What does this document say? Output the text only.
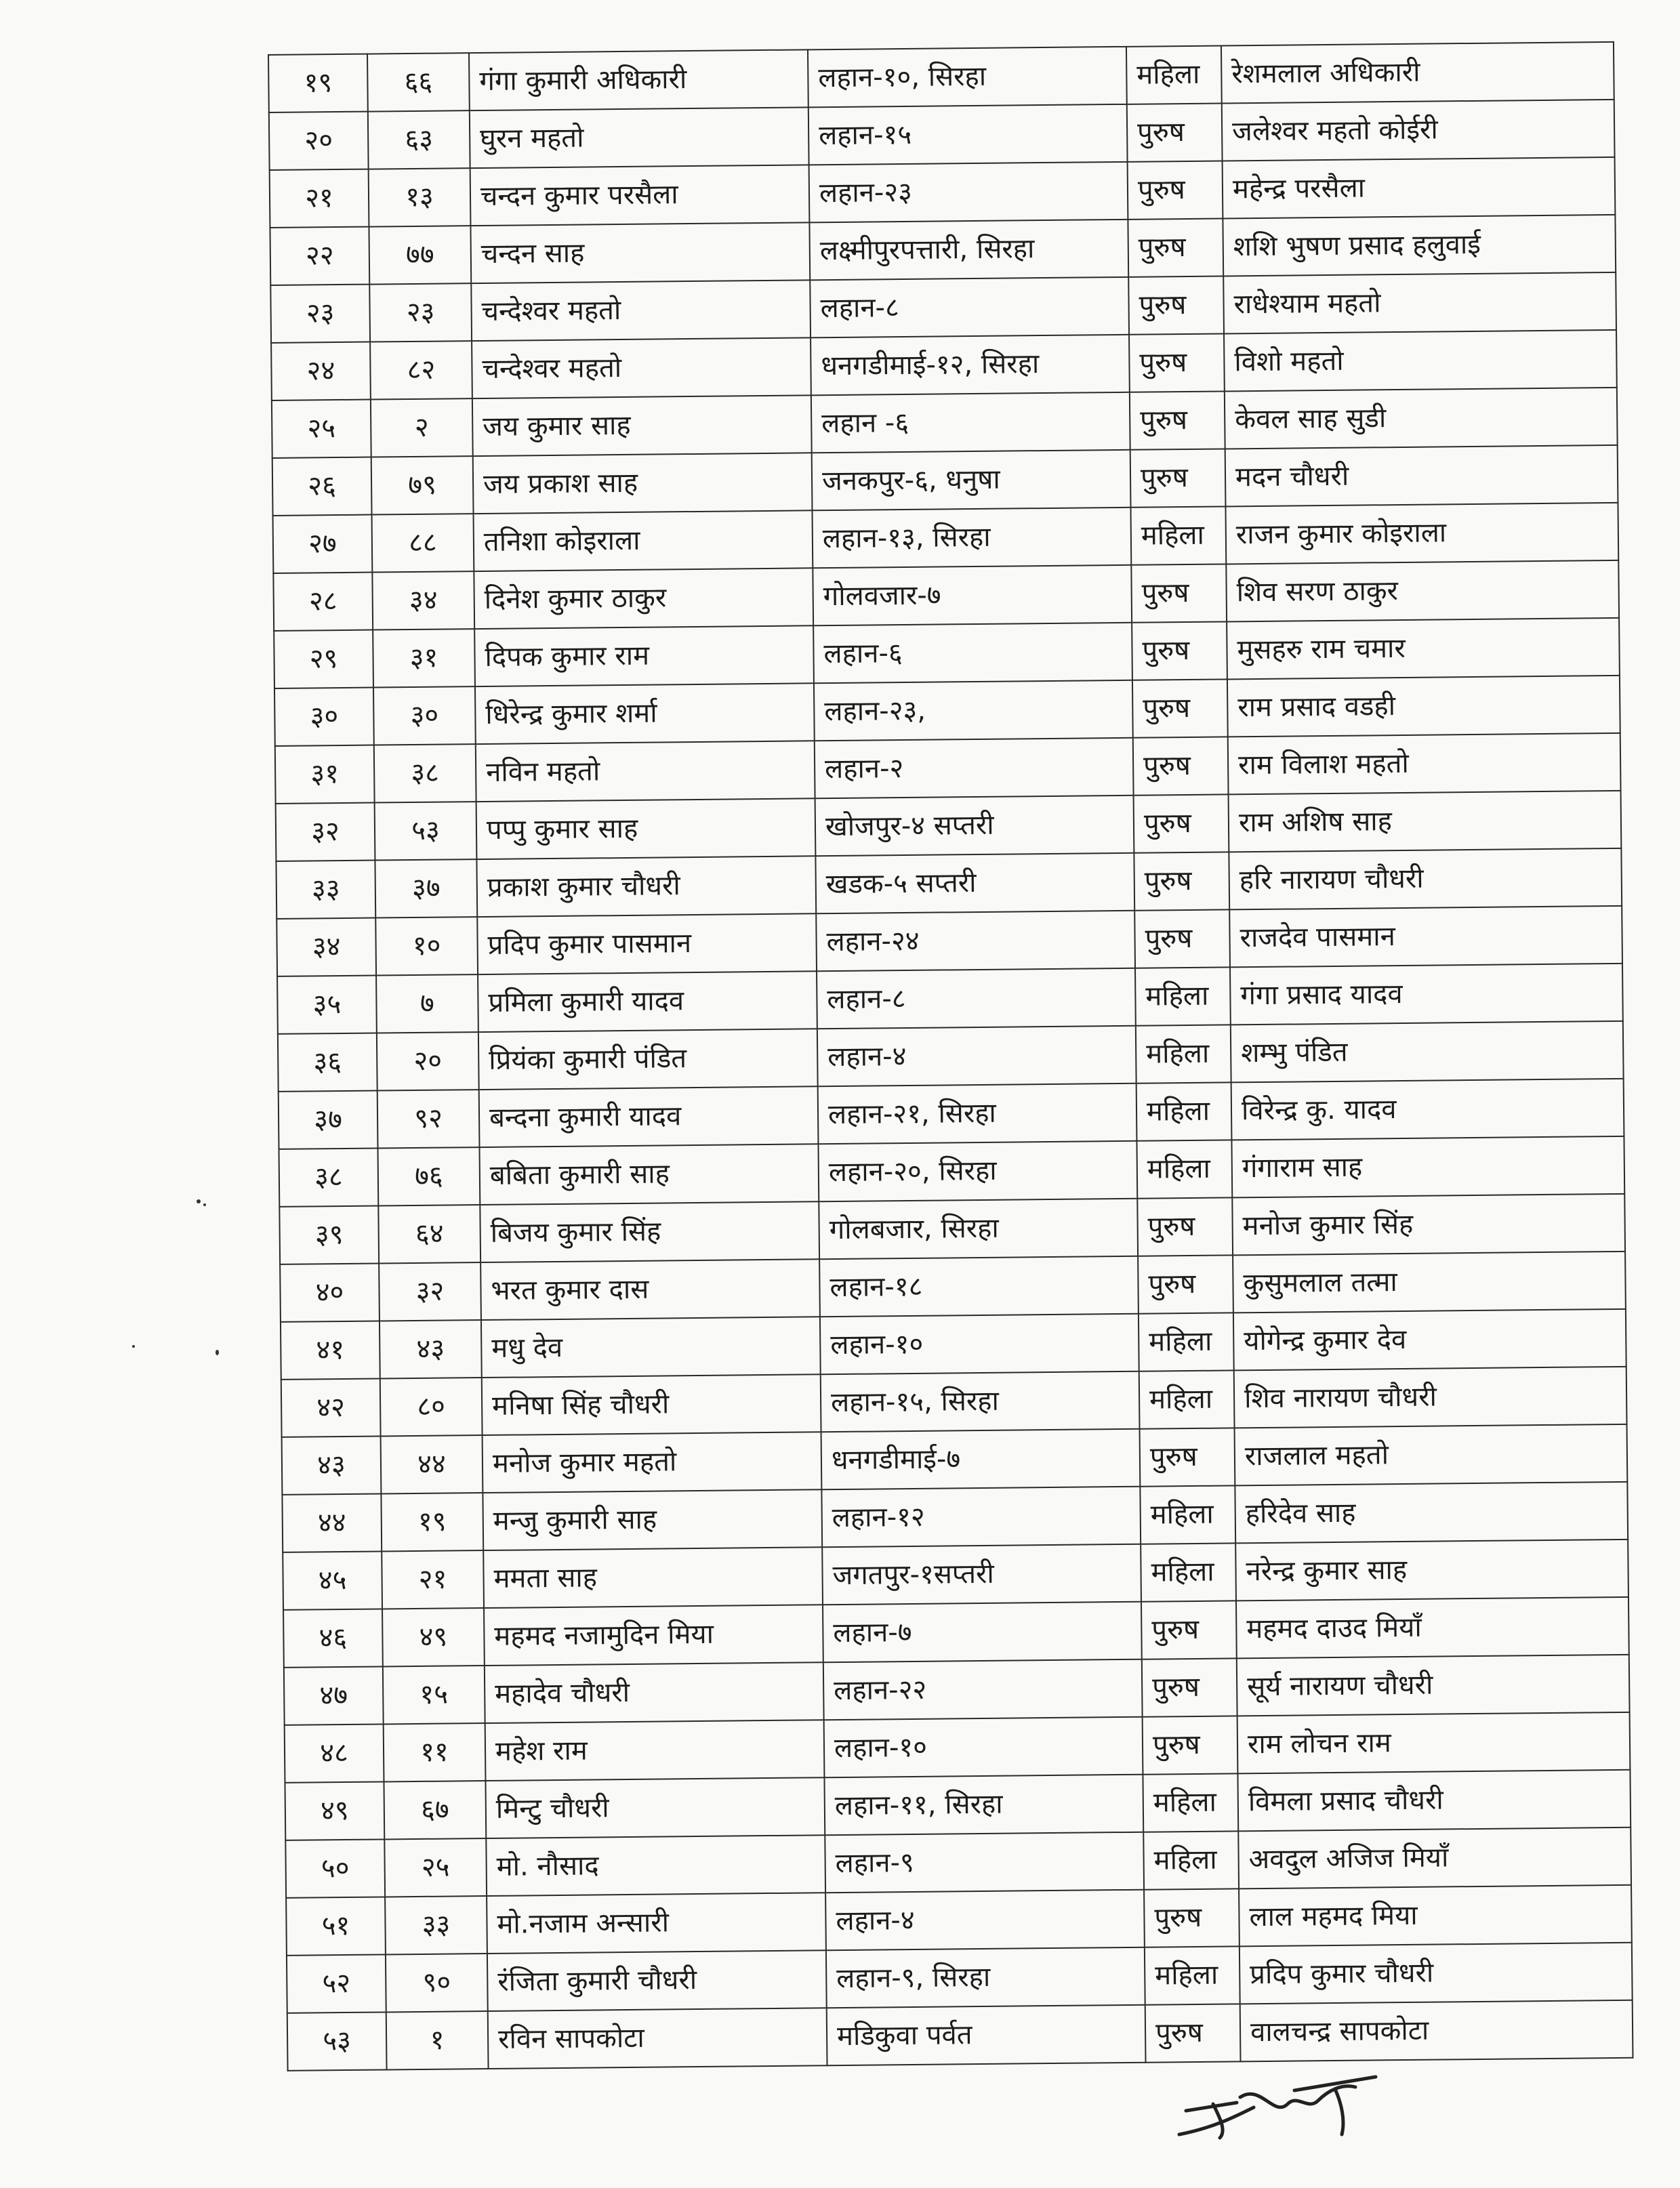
१९	६६	गंगा कुमारी अधिकारी	लहान-१०, सिरहा	महिला	रेशमलाल अधिकारी
२०	६३	घुरन महतो	लहान-१५	पुरुष	जलेश्वर महतो कोईरी
२१	१३	चन्दन कुमार परसैला	लहान-२३	पुरुष	महेन्द्र परसैला
२२	७७	चन्दन साह	लक्ष्मीपुरपत्तारी, सिरहा	पुरुष	शशि भुषण प्रसाद हलुवाई
२३	२३	चन्देश्वर महतो	लहान-८	पुरुष	राधेश्याम महतो
२४	८२	चन्देश्वर महतो	धनगडीमाई-१२, सिरहा	पुरुष	विशो महतो
२५	२	जय कुमार साह	लहान -६	पुरुष	केवल साह सुडी
२६	७९	जय प्रकाश साह	जनकपुर-६, धनुषा	पुरुष	मदन चौधरी
२७	८८	तनिशा कोइराला	लहान-१३, सिरहा	महिला	राजन कुमार कोइराला
२८	३४	दिनेश कुमार ठाकुर	गोलवजार-७	पुरुष	शिव सरण ठाकुर
२९	३१	दिपक कुमार राम	लहान-६	पुरुष	मुसहरु राम चमार
३०	३०	धिरेन्द्र कुमार शर्मा	लहान-२३,	पुरुष	राम प्रसाद वडही
३१	३८	नविन महतो	लहान-२	पुरुष	राम विलाश महतो
३२	५३	पप्पु कुमार साह	खोजपुर-४ सप्तरी	पुरुष	राम अशिष साह
३३	३७	प्रकाश कुमार चौधरी	खडक-५ सप्तरी	पुरुष	हरि नारायण चौधरी
३४	१०	प्रदिप कुमार पासमान	लहान-२४	पुरुष	राजदेव पासमान
३५	७	प्रमिला कुमारी यादव	लहान-८	महिला	गंगा प्रसाद यादव
३६	२०	प्रियंका कुमारी पंडित	लहान-४	महिला	शम्भु पंडित
३७	९२	बन्दना कुमारी यादव	लहान-२१, सिरहा	महिला	विरेन्द्र कु. यादव
३८	७६	बबिता कुमारी साह	लहान-२०, सिरहा	महिला	गंगाराम साह
३९	६४	बिजय कुमार सिंह	गोलबजार, सिरहा	पुरुष	मनोज कुमार सिंह
४०	३२	भरत कुमार दास	लहान-१८	पुरुष	कुसुमलाल तत्मा
४१	४३	मधु देव	लहान-१०	महिला	योगेन्द्र कुमार देव
४२	८०	मनिषा सिंह चौधरी	लहान-१५, सिरहा	महिला	शिव नारायण चौधरी
४३	४४	मनोज कुमार महतो	धनगडीमाई-७	पुरुष	राजलाल महतो
४४	१९	मन्जु कुमारी साह	लहान-१२	महिला	हरिदेव साह
४५	२१	ममता साह	जगतपुर-१सप्तरी	महिला	नरेन्द्र कुमार साह
४६	४९	महमद नजामुदिन मिया	लहान-७	पुरुष	महमद दाउद मियाँ
४७	१५	महादेव चौधरी	लहान-२२	पुरुष	सूर्य नारायण चौधरी
४८	११	महेश राम	लहान-१०	पुरुष	राम लोचन राम
४९	६७	मिन्टु चौधरी	लहान-११, सिरहा	महिला	विमला प्रसाद चौधरी
५०	२५	मो. नौसाद	लहान-९	महिला	अवदुल अजिज मियाँ
५१	३३	मो.नजाम अन्सारी	लहान-४	पुरुष	लाल महमद मिया
५२	९०	रंजिता कुमारी चौधरी	लहान-९, सिरहा	महिला	प्रदिप कुमार चौधरी
५३	१	रविन सापकोटा	मडिकुवा पर्वत	पुरुष	वालचन्द्र सापकोटा
